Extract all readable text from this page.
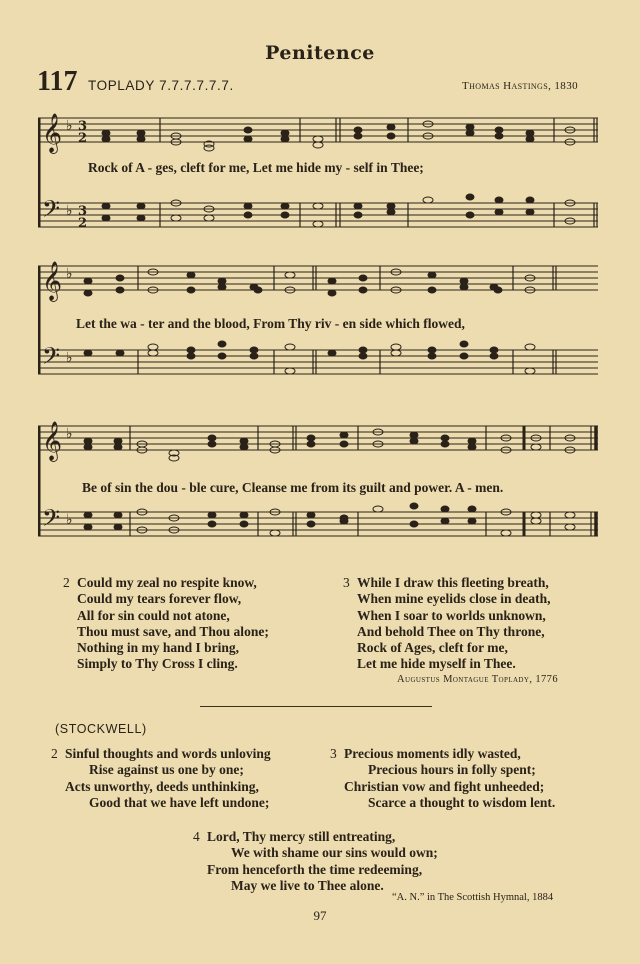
Penitence
117 TOPLADY 7.7.7.7.7.7.	Thomas Hastings, 1830
𝄞
𝄢
♭
♭
3
2
3
2
Rock of A - ges, cleft for me, Let me hide my - self in Thee;
𝄞
𝄢
♭
♭
Let the wa - ter and the blood, From Thy riv - en side which flowed,
𝄞
𝄢
♭
♭
Be of sin the dou - ble cure, Cleanse me from its guilt and power. A - men.
2 Could my zeal no respite know,
Could my tears forever flow,
All for sin could not atone,
Thou must save, and Thou alone;
Nothing in my hand I bring,
Simply to Thy Cross I cling.
3 While I draw this fleeting breath,
When mine eyelids close in death,
When I soar to worlds unknown,
And behold Thee on Thy throne,
Rock of Ages, cleft for me,
Let me hide myself in Thee.
Augustus Montague Toplady, 1776
(STOCKWELL)
2 Sinful thoughts and words unloving
Rise against us one by one;
Acts unworthy, deeds unthinking,
Good that we have left undone;
3 Precious moments idly wasted,
Precious hours in folly spent;
Christian vow and fight unheeded;
Scarce a thought to wisdom lent.
4 Lord, Thy mercy still entreating,
We with shame our sins would own;
From henceforth the time redeeming,
May we live to Thee alone.
“A. N.” in The Scottish Hymnal, 1884
97
